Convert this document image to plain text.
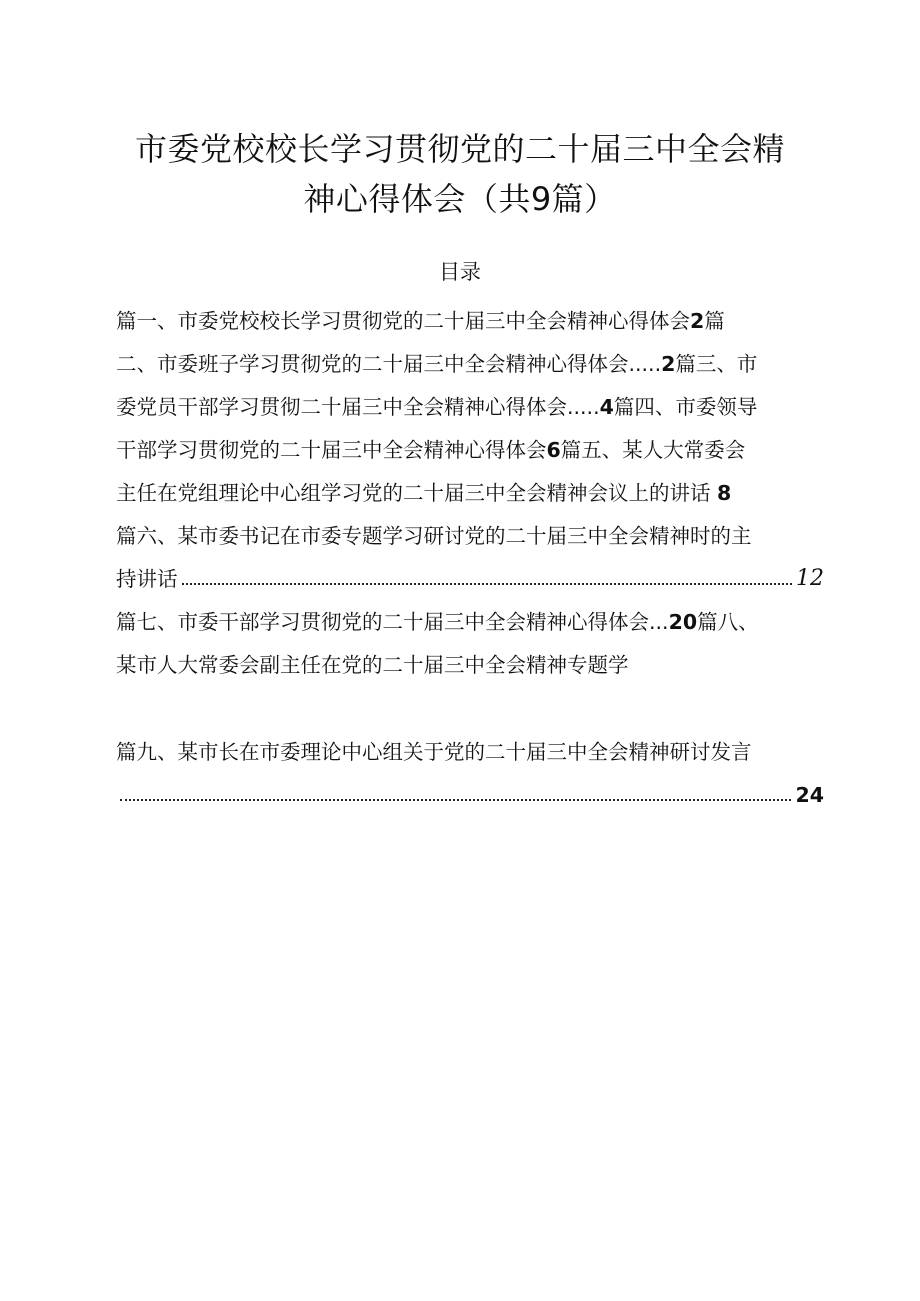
市委党校校长学习贯彻党的二十届三中全会精
神心得体会（共9篇）
目录
篇一、市委党校校长学习贯彻党的二十届三中全会精神心得体会2篇
二、市委班子学习贯彻党的二十届三中全会精神心得体会.....2篇三、市
委党员干部学习贯彻二十届三中全会精神心得体会.....4篇四、市委领导
干部学习贯彻党的二十届三中全会精神心得体会6篇五、某人大常委会
主任在党组理论中心组学习党的二十届三中全会精神会议上的讲话 8
篇六、某市委书记在市委专题学习研讨党的二十届三中全会精神时的主
持讲话	12
篇七、市委干部学习贯彻党的二十届三中全会精神心得体会...20篇八、
某市人大常委会副主任在党的二十届三中全会精神专题学
篇九、某市长在市委理论中心组关于党的二十届三中全会精神研讨发言
24
